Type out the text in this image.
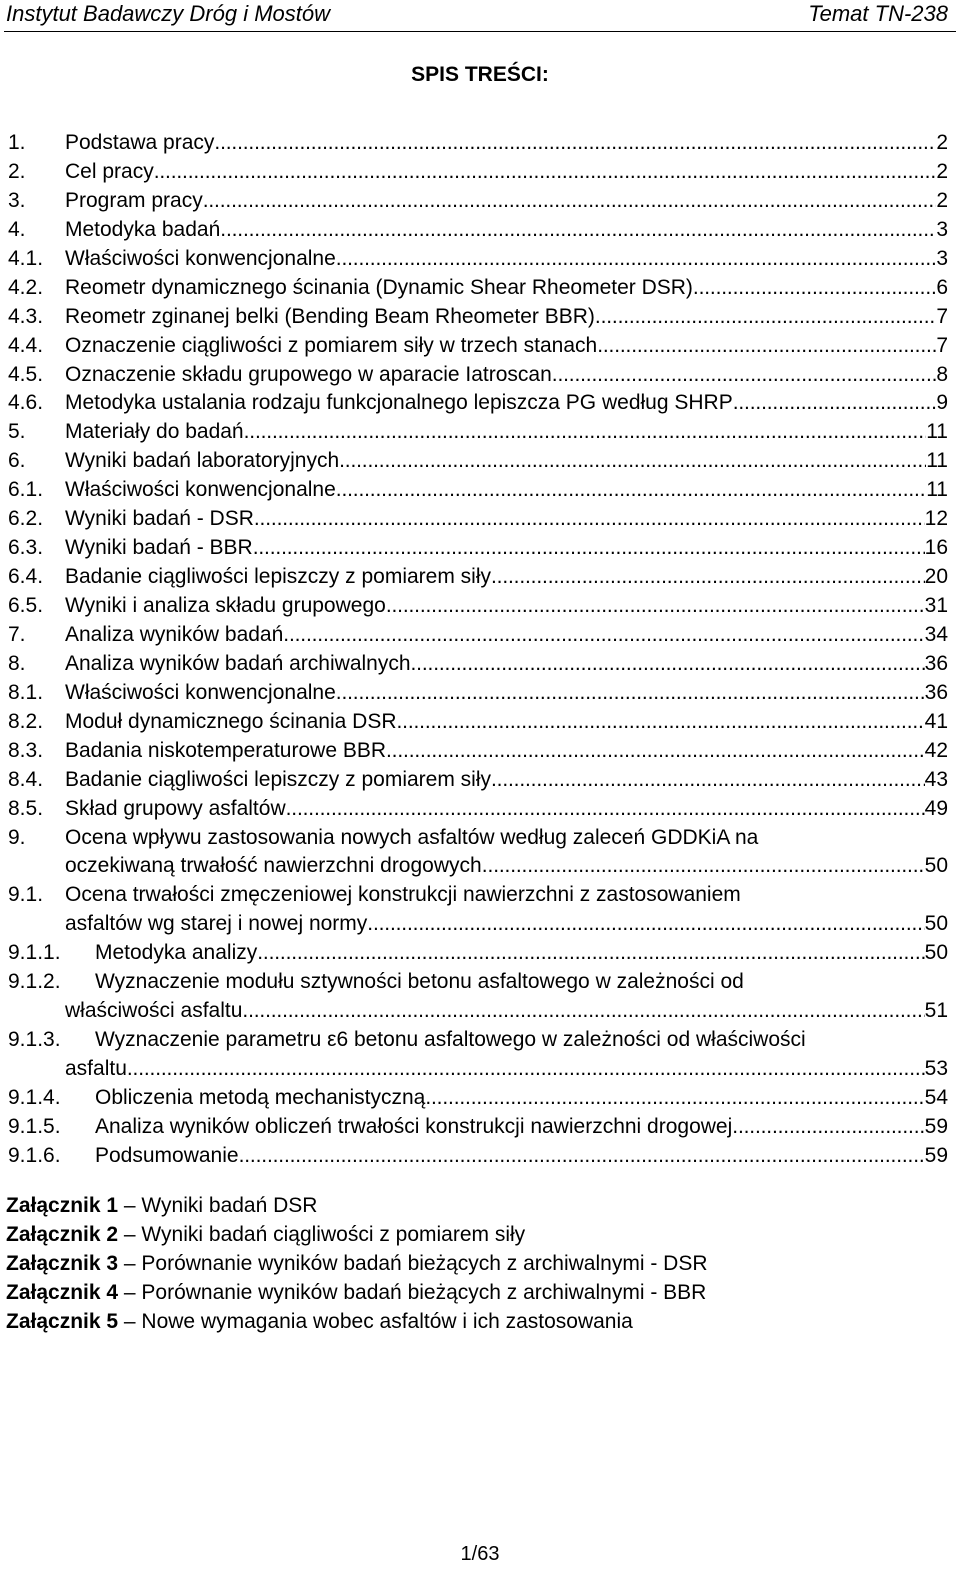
Instytut Badawczy Dróg i Mostów	Temat TN-238
SPIS TREŚCI:
1. Podstawa pracy . . .	2
2. Cel pracy . . .	2
3. Program pracy . . .	2
4. Metodyka badań . . .	3
4.1. Właściwości konwencjonalne . . .	3
4.2. Reometr dynamicznego ścinania (Dynamic Shear Rheometer DSR) . . .	6
4.3. Reometr zginanej belki (Bending Beam Rheometer BBR) . . .	7
4.4. Oznaczenie ciągliwości z pomiarem siły w trzech stanach . . .	7
4.5. Oznaczenie składu grupowego w aparacie Iatroscan . . .	8
4.6. Metodyka ustalania rodzaju funkcjonalnego lepiszcza PG według SHRP . . .	9
5. Materiały do badań . . .	11
6. Wyniki badań laboratoryjnych . . .	11
6.1. Właściwości konwencjonalne . . .	11
6.2. Wyniki badań - DSR . . .	12
6.3. Wyniki badań - BBR . . .	16
6.4. Badanie ciągliwości lepiszczy z pomiarem siły . . .	20
6.5. Wyniki i analiza składu grupowego . . .	31
7. Analiza wyników badań . . .	34
8. Analiza wyników badań archiwalnych . . .	36
8.1. Właściwości konwencjonalne . . .	36
8.2. Moduł dynamicznego ścinania DSR . . .	41
8.3. Badania niskotemperaturowe BBR . . .	42
8.4. Badanie ciągliwości lepiszczy z pomiarem siły . . .	43
8.5. Skład grupowy asfaltów . . .	49
9. Ocena wpływu zastosowania nowych asfaltów według zaleceń GDDKiA na
oczekiwaną trwałość nawierzchni drogowych. . . .	50
9.1. Ocena trwałości zmęczeniowej konstrukcji nawierzchni z zastosowaniem
asfaltów wg starej i nowej normy . . .	50
9.1.1. Metodyka analizy . . .	50
9.1.2. Wyznaczenie modułu sztywności betonu asfaltowego w zależności od
właściwości asfaltu . . .	51
9.1.3. Wyznaczenie parametru ε6 betonu asfaltowego w zależności od właściwości
asfaltu . . .	53
9.1.4. Obliczenia metodą mechanistyczną . . .	54
9.1.5. Analiza wyników obliczeń trwałości konstrukcji nawierzchni drogowej . . .	59
9.1.6. Podsumowanie . . .	59
Załącznik 1 – Wyniki badań DSR
Załącznik 2 – Wyniki badań ciągliwości z pomiarem siły
Załącznik 3 – Porównanie wyników badań bieżących z archiwalnymi - DSR
Załącznik 4 – Porównanie wyników badań bieżących z archiwalnymi - BBR
Załącznik 5 – Nowe wymagania wobec asfaltów i ich zastosowania
1/63
